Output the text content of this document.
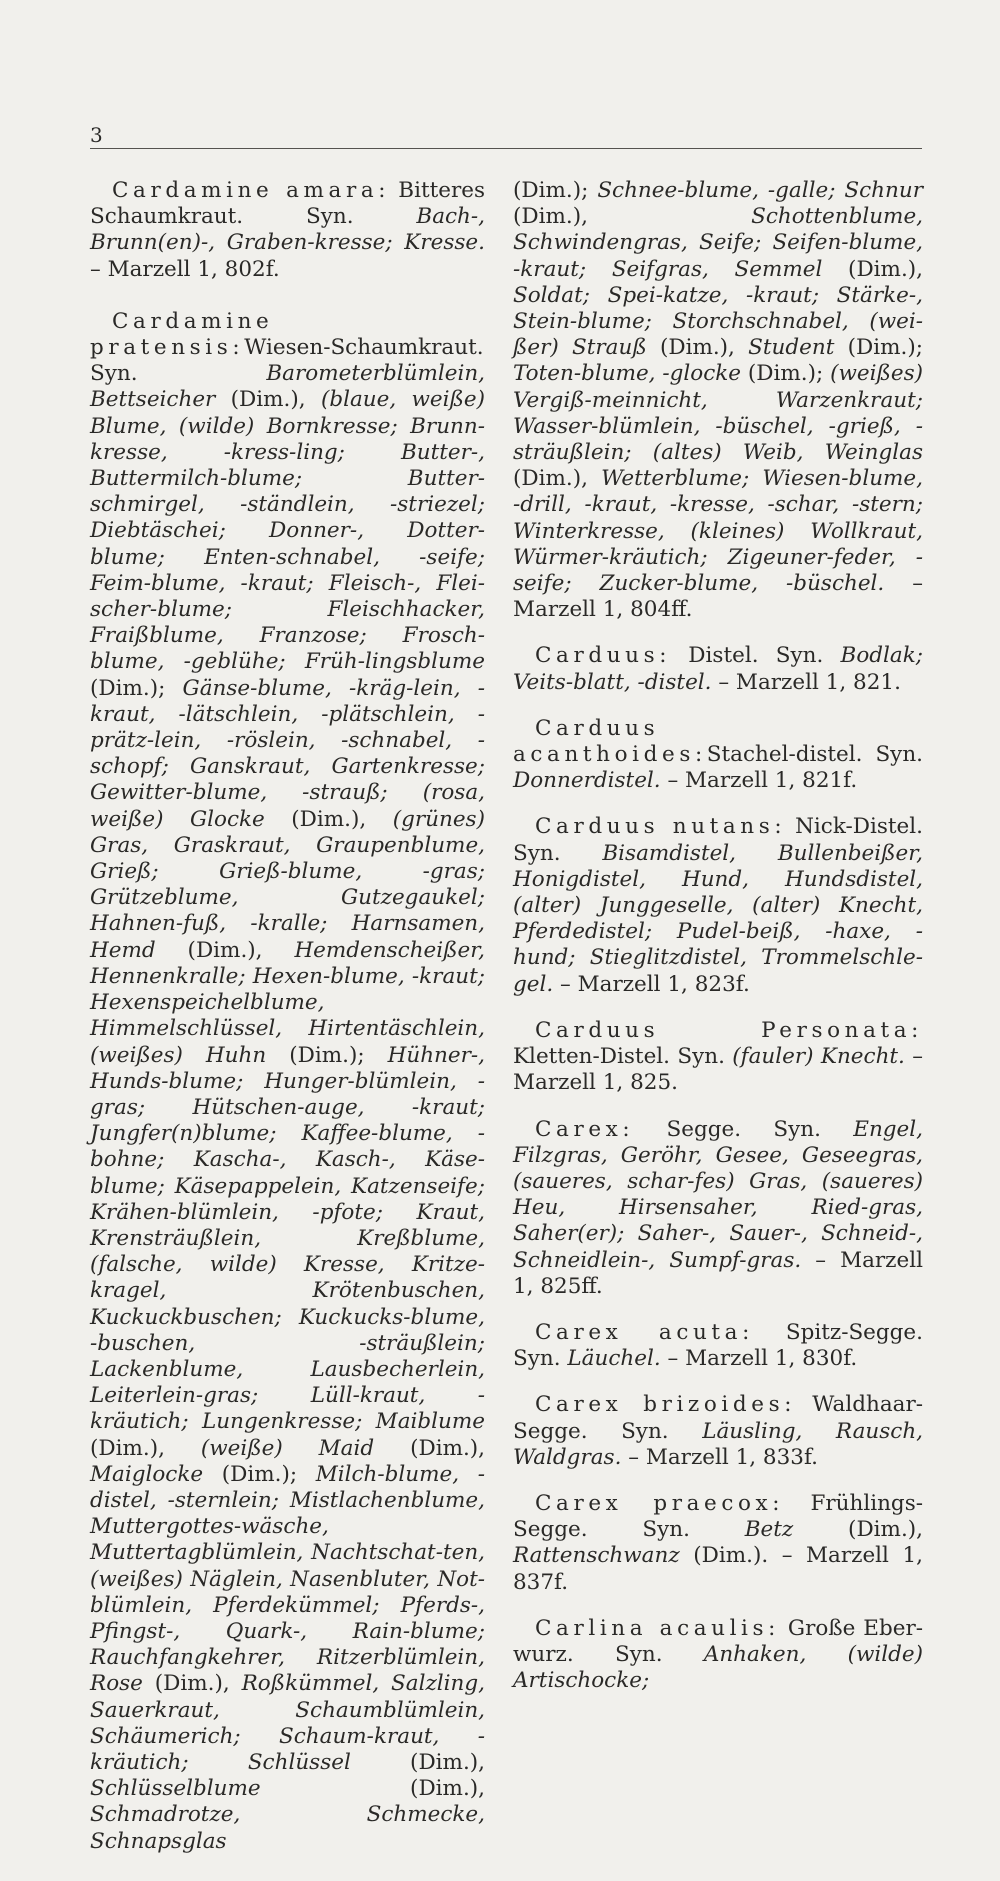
3

Cardamine amara: Bitteres Schaumkraut. Syn. Bach-, Brunn(en)-, Graben-kresse; Kresse. – Marzell 1, 802f.

Cardamine pratensis:Wiesen-Schaumkraut. Syn. Barometerblümlein, Bettseicher (Dim.), (blaue, weiße) Blume, (wilde) Bornkresse; Brunn-kresse, -kress-ling; Butter-, Buttermilch-blume; Butter-schmirgel, -ständlein, -striezel; Diebtäschei; Donner-, Dotter-blume; Enten-schnabel, -seife; Feim-blume, -kraut; Fleisch-, Flei-scher-blume; Fleischhacker, Fraißblume, Franzose; Frosch-blume, -geblühe; Früh-lingsblume (Dim.); Gänse-blume, -kräg-lein, -kraut, -lätschlein, -plätschlein, -prätz-lein, -röslein, -schnabel, -schopf; Ganskraut, Gartenkresse; Gewitter-blume, -strauß; (rosa, weiße) Glocke (Dim.), (grünes) Gras, Graskraut, Graupenblume, Grieß; Grieß-blume, -gras; Grützeblume, Gutzegaukel; Hahnen-fuß, -kralle; Harnsamen, Hemd (Dim.), Hemdenscheißer, Hennenkralle; Hexen-blume, -kraut; Hexenspeichelblume, Himmelschlüssel, Hirtentäschlein, (weißes) Huhn (Dim.); Hühner-, Hunds-blume; Hunger-blümlein, -gras; Hütschen-auge, -kraut; Jungfer(n)blume; Kaffee-blume, -bohne; Kascha-, Kasch-, Käse-blume; Käsepappelein, Katzenseife; Krähen-blümlein, -pfote; Kraut, Krensträußlein, Kreßblume, (falsche, wilde) Kresse, Kritze-kragel, Krötenbuschen, Kuckuckbuschen; Kuckucks-blume, -buschen, -sträußlein; Lackenblume, Lausbecherlein, Leiterlein-gras; Lüll-kraut, -kräutich; Lungenkresse; Maiblume (Dim.), (weiße) Maid (Dim.), Maiglocke (Dim.); Milch-blume, -distel, -sternlein; Mistlachenblume, Muttergottes-wäsche, Muttertagblümlein, Nachtschat-ten, (weißes) Näglein, Nasenbluter, Not-blümlein, Pferdekümmel; Pferds-, Pfingst-, Quark-, Rain-blume; Rauchfangkehrer, Ritzerblümlein, Rose (Dim.), Roßkümmel, Salzling, Sauerkraut, Schaumblümlein, Schäumerich; Schaum-kraut, -kräutich; Schlüssel (Dim.), Schlüsselblume (Dim.), Schmadrotze, Schmecke, Schnapsglas

(Dim.); Schnee-blume, -galle; Schnur (Dim.), Schottenblume, Schwindengras, Seife; Seifen-blume, -kraut; Seifgras, Semmel (Dim.), Soldat; Spei-katze, -kraut; Stärke-, Stein-blume; Storchschnabel, (wei-ßer) Strauß (Dim.), Student (Dim.); Toten-blume, -glocke (Dim.); (weißes) Vergiß-meinnicht, Warzenkraut; Wasser-blümlein, -büschel, -grieß, -sträußlein; (altes) Weib, Weinglas (Dim.), Wetterblume; Wiesen-blume, -drill, -kraut, -kresse, -schar, -stern; Winterkresse, (kleines) Wollkraut, Würmer-kräutich; Zigeuner-feder, -seife; Zucker-blume, -büschel. – Marzell 1, 804ff.

Carduus: Distel. Syn. Bodlak; Veits-blatt, -distel. – Marzell 1, 821.

Carduus acanthoides:Stachel-distel. Syn. Donnerdistel. – Marzell 1, 821f.

Carduus nutans: Nick-Distel. Syn. Bisamdistel, Bullenbeißer, Honigdistel, Hund, Hundsdistel, (alter) Junggeselle, (alter) Knecht, Pferdedistel; Pudel-beiß, -haxe, -hund; Stieglitzdistel, Trommelschle-gel. – Marzell 1, 823f.

Carduus Personata: Kletten-Distel. Syn. (fauler) Knecht. – Marzell 1, 825.

Carex: Segge. Syn. Engel, Filzgras, Geröhr, Gesee, Geseegras, (saueres, schar-fes) Gras, (saueres) Heu, Hirsensaher, Ried-gras, Saher(er); Saher-, Sauer-, Schneid-, Schneidlein-, Sumpf-gras. – Marzell 1, 825ff.

Carex acuta: Spitz-Segge. Syn. Läuchel. – Marzell 1, 830f.

Carex brizoides: Waldhaar-Segge. Syn. Läusling, Rausch, Waldgras. – Marzell 1, 833f.

Carex praecox: Frühlings-Segge. Syn. Betz (Dim.), Rattenschwanz (Dim.). – Marzell 1, 837f.

Carlina acaulis: Große Eber-wurz. Syn. Anhaken, (wilde) Artischocke;
